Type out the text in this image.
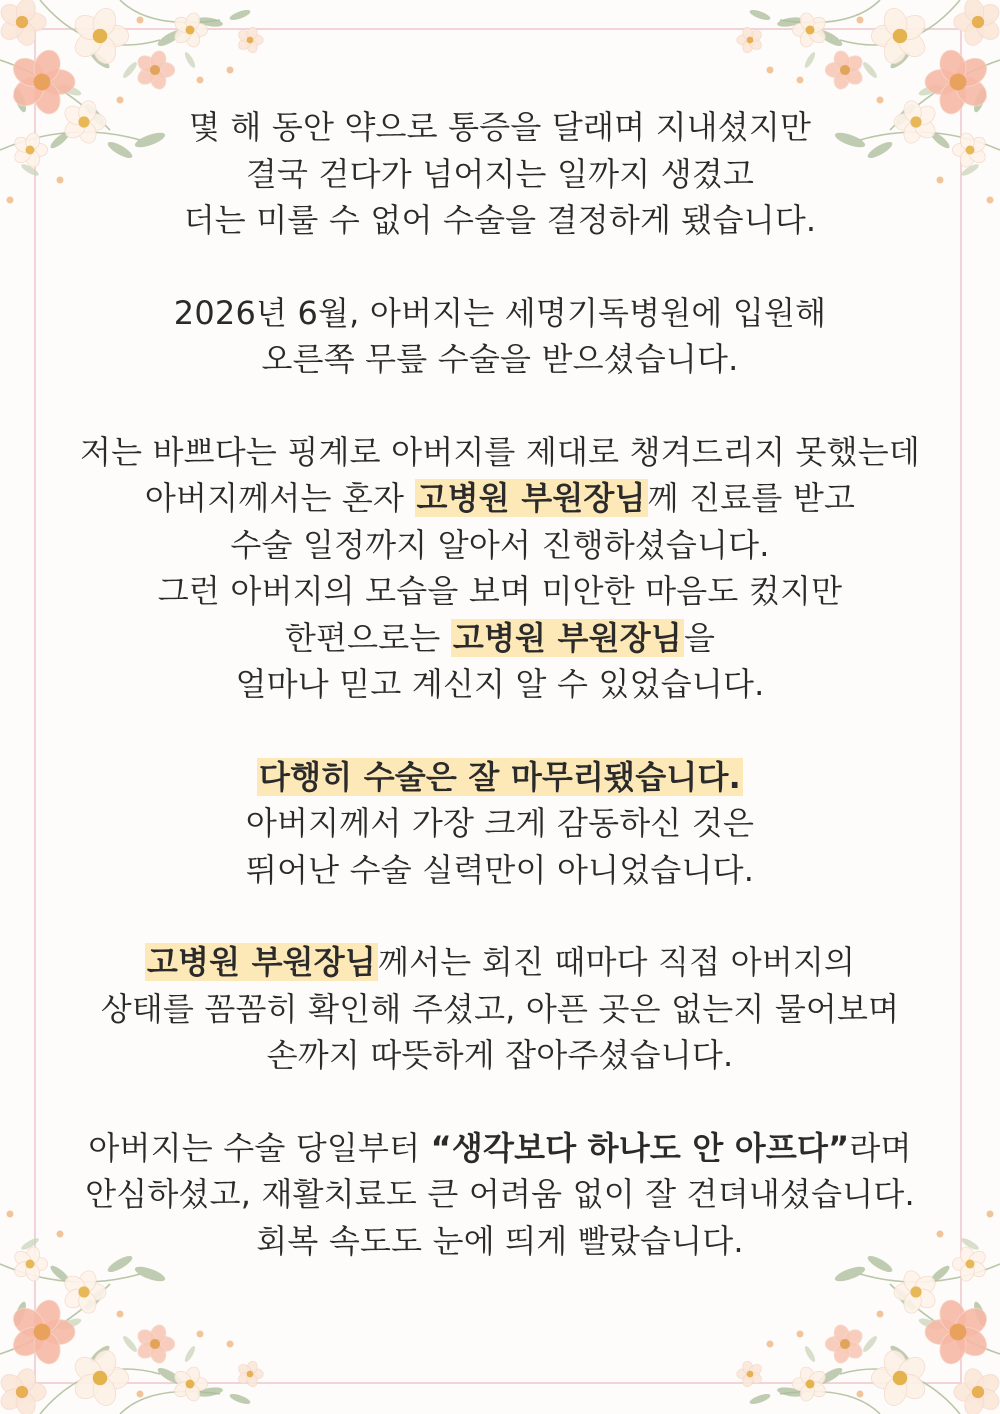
몇 해 동안 약으로 통증을 달래며 지내셨지만
결국 걷다가 넘어지는 일까지 생겼고
더는 미룰 수 없어 수술을 결정하게 됐습니다.
2026년 6월, 아버지는 세명기독병원에 입원해
오른쪽 무릎 수술을 받으셨습니다.
저는 바쁘다는 핑계로 아버지를 제대로 챙겨드리지 못했는데
아버지께서는 혼자 고병원 부원장님께 진료를 받고
수술 일정까지 알아서 진행하셨습니다.
그런 아버지의 모습을 보며 미안한 마음도 컸지만
한편으로는 고병원 부원장님을
얼마나 믿고 계신지 알 수 있었습니다.
다행히 수술은 잘 마무리됐습니다.
아버지께서 가장 크게 감동하신 것은
뛰어난 수술 실력만이 아니었습니다.
고병원 부원장님께서는 회진 때마다 직접 아버지의
상태를 꼼꼼히 확인해 주셨고, 아픈 곳은 없는지 물어보며
손까지 따뜻하게 잡아주셨습니다.
아버지는 수술 당일부터 “생각보다 하나도 안 아프다”라며
안심하셨고, 재활치료도 큰 어려움 없이 잘 견뎌내셨습니다.
회복 속도도 눈에 띄게 빨랐습니다.
